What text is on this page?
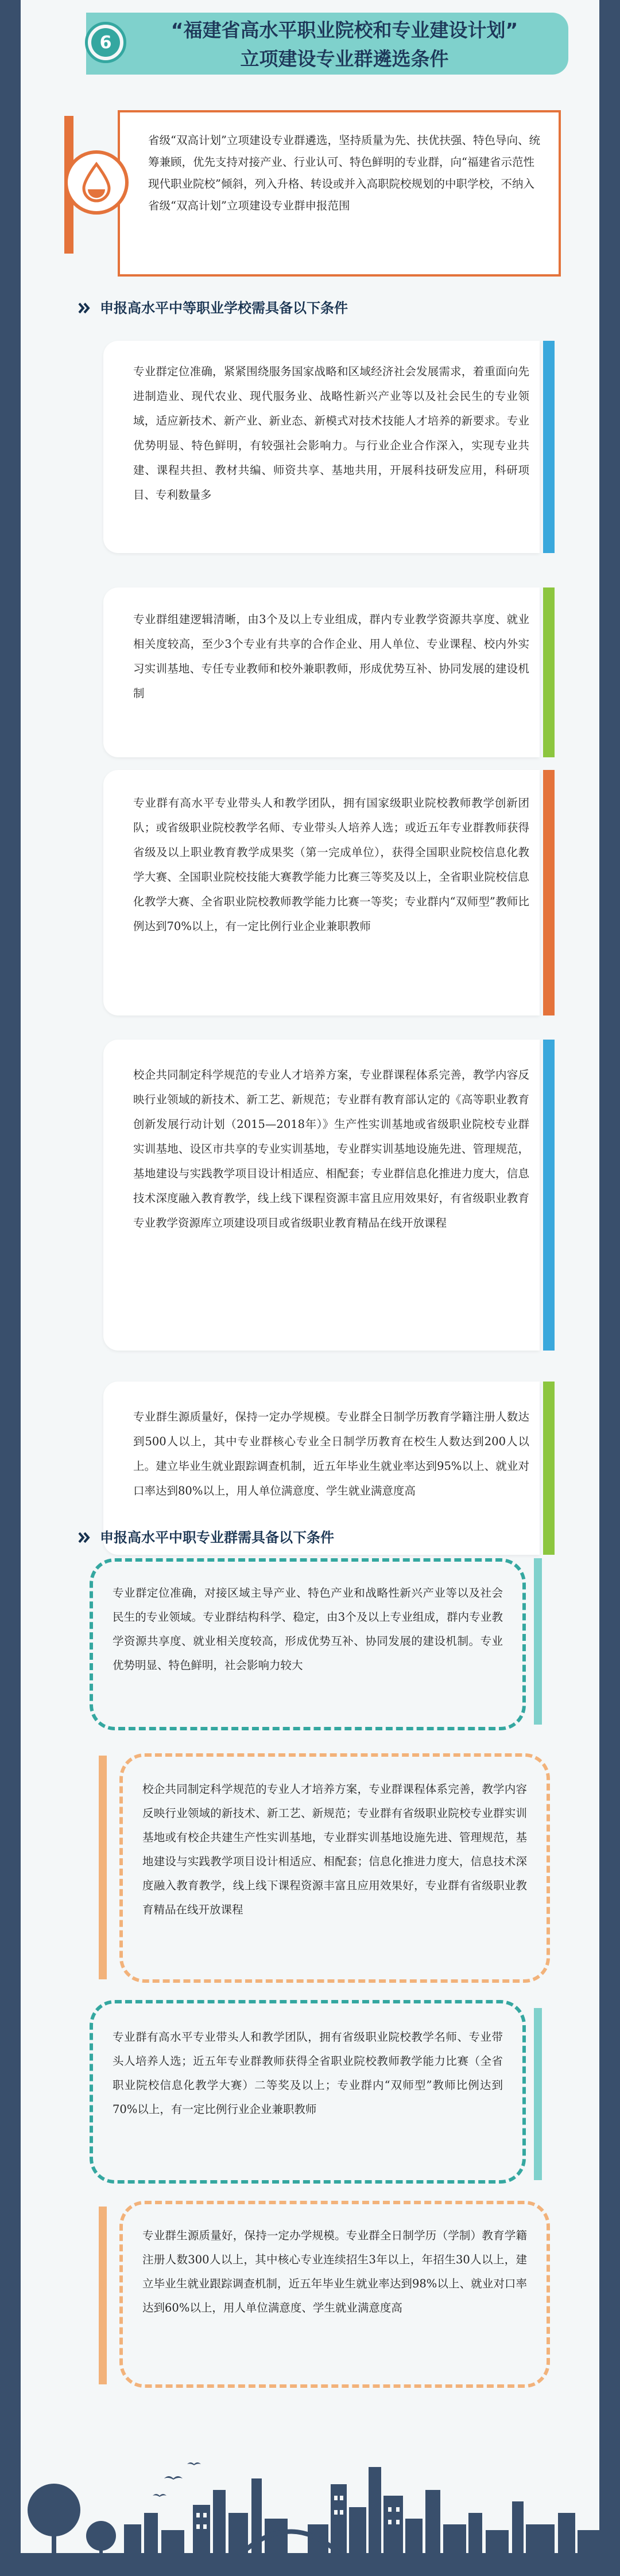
6
“福建省高水平职业院校和专业建设计划”
立项建设专业群遴选条件
省级“双高计划”立项建设专业群遴选，坚持质量为先、扶优扶强、特色导向、统筹兼顾，优先支持对接产业、行业认可、特色鲜明的专业群，向“福建省示范性现代职业院校”倾斜，列入升格、转设或并入高职院校规划的中职学校，不纳入省级“双高计划”立项建设专业群申报范围
申报高水平中等职业学校需具备以下条件
专业群定位准确，紧紧围绕服务国家战略和区域经济社会发展需求，着重面向先进制造业、现代农业、现代服务业、战略性新兴产业等以及社会民生的专业领域，适应新技术、新产业、新业态、新模式对技术技能人才培养的新要求。专业优势明显、特色鲜明，有较强社会影响力。与行业企业合作深入，实现专业共建、课程共担、教材共编、师资共享、基地共用，开展科技研发应用，科研项目、专利数量多
专业群组建逻辑清晰，由3个及以上专业组成，群内专业教学资源共享度、就业相关度较高，至少3个专业有共享的合作企业、用人单位、专业课程、校内外实习实训基地、专任专业教师和校外兼职教师，形成优势互补、协同发展的建设机制
专业群有高水平专业带头人和教学团队，拥有国家级职业院校教师教学创新团队；或省级职业院校教学名师、专业带头人培养人选；或近五年专业群教师获得省级及以上职业教育教学成果奖（第一完成单位），获得全国职业院校信息化教学大赛、全国职业院校技能大赛教学能力比赛三等奖及以上，全省职业院校信息化教学大赛、全省职业院校教师教学能力比赛一等奖；专业群内“双师型”教师比例达到70%以上，有一定比例行业企业兼职教师
校企共同制定科学规范的专业人才培养方案，专业群课程体系完善，教学内容反映行业领域的新技术、新工艺、新规范；专业群有教育部认定的《高等职业教育创新发展行动计划（2015—2018年）》生产性实训基地或省级职业院校专业群实训基地、设区市共享的专业实训基地，专业群实训基地设施先进、管理规范，基地建设与实践教学项目设计相适应、相配套；专业群信息化推进力度大，信息技术深度融入教育教学，线上线下课程资源丰富且应用效果好，有省级职业教育专业教学资源库立项建设项目或省级职业教育精品在线开放课程
专业群生源质量好，保持一定办学规模。专业群全日制学历教育学籍注册人数达到500人以上，其中专业群核心专业全日制学历教育在校生人数达到200人以上。建立毕业生就业跟踪调查机制，近五年毕业生就业率达到95%以上、就业对口率达到80%以上，用人单位满意度、学生就业满意度高
申报高水平中职专业群需具备以下条件
专业群定位准确，对接区域主导产业、特色产业和战略性新兴产业等以及社会民生的专业领域。专业群结构科学、稳定，由3个及以上专业组成，群内专业教学资源共享度、就业相关度较高，形成优势互补、协同发展的建设机制。专业优势明显、特色鲜明，社会影响力较大
校企共同制定科学规范的专业人才培养方案，专业群课程体系完善，教学内容反映行业领域的新技术、新工艺、新规范；专业群有省级职业院校专业群实训基地或有校企共建生产性实训基地，专业群实训基地设施先进、管理规范，基地建设与实践教学项目设计相适应、相配套；信息化推进力度大，信息技术深度融入教育教学，线上线下课程资源丰富且应用效果好，专业群有省级职业教育精品在线开放课程
专业群有高水平专业带头人和教学团队，拥有省级职业院校教学名师、专业带头人培养人选；近五年专业群教师获得全省职业院校教师教学能力比赛（全省职业院校信息化教学大赛）二等奖及以上；专业群内“双师型”教师比例达到70%以上，有一定比例行业企业兼职教师
专业群生源质量好，保持一定办学规模。专业群全日制学历（学制）教育学籍注册人数300人以上，其中核心专业连续招生3年以上，年招生30人以上，建立毕业生就业跟踪调查机制，近五年毕业生就业率达到98%以上、就业对口率达到60%以上，用人单位满意度、学生就业满意度高
